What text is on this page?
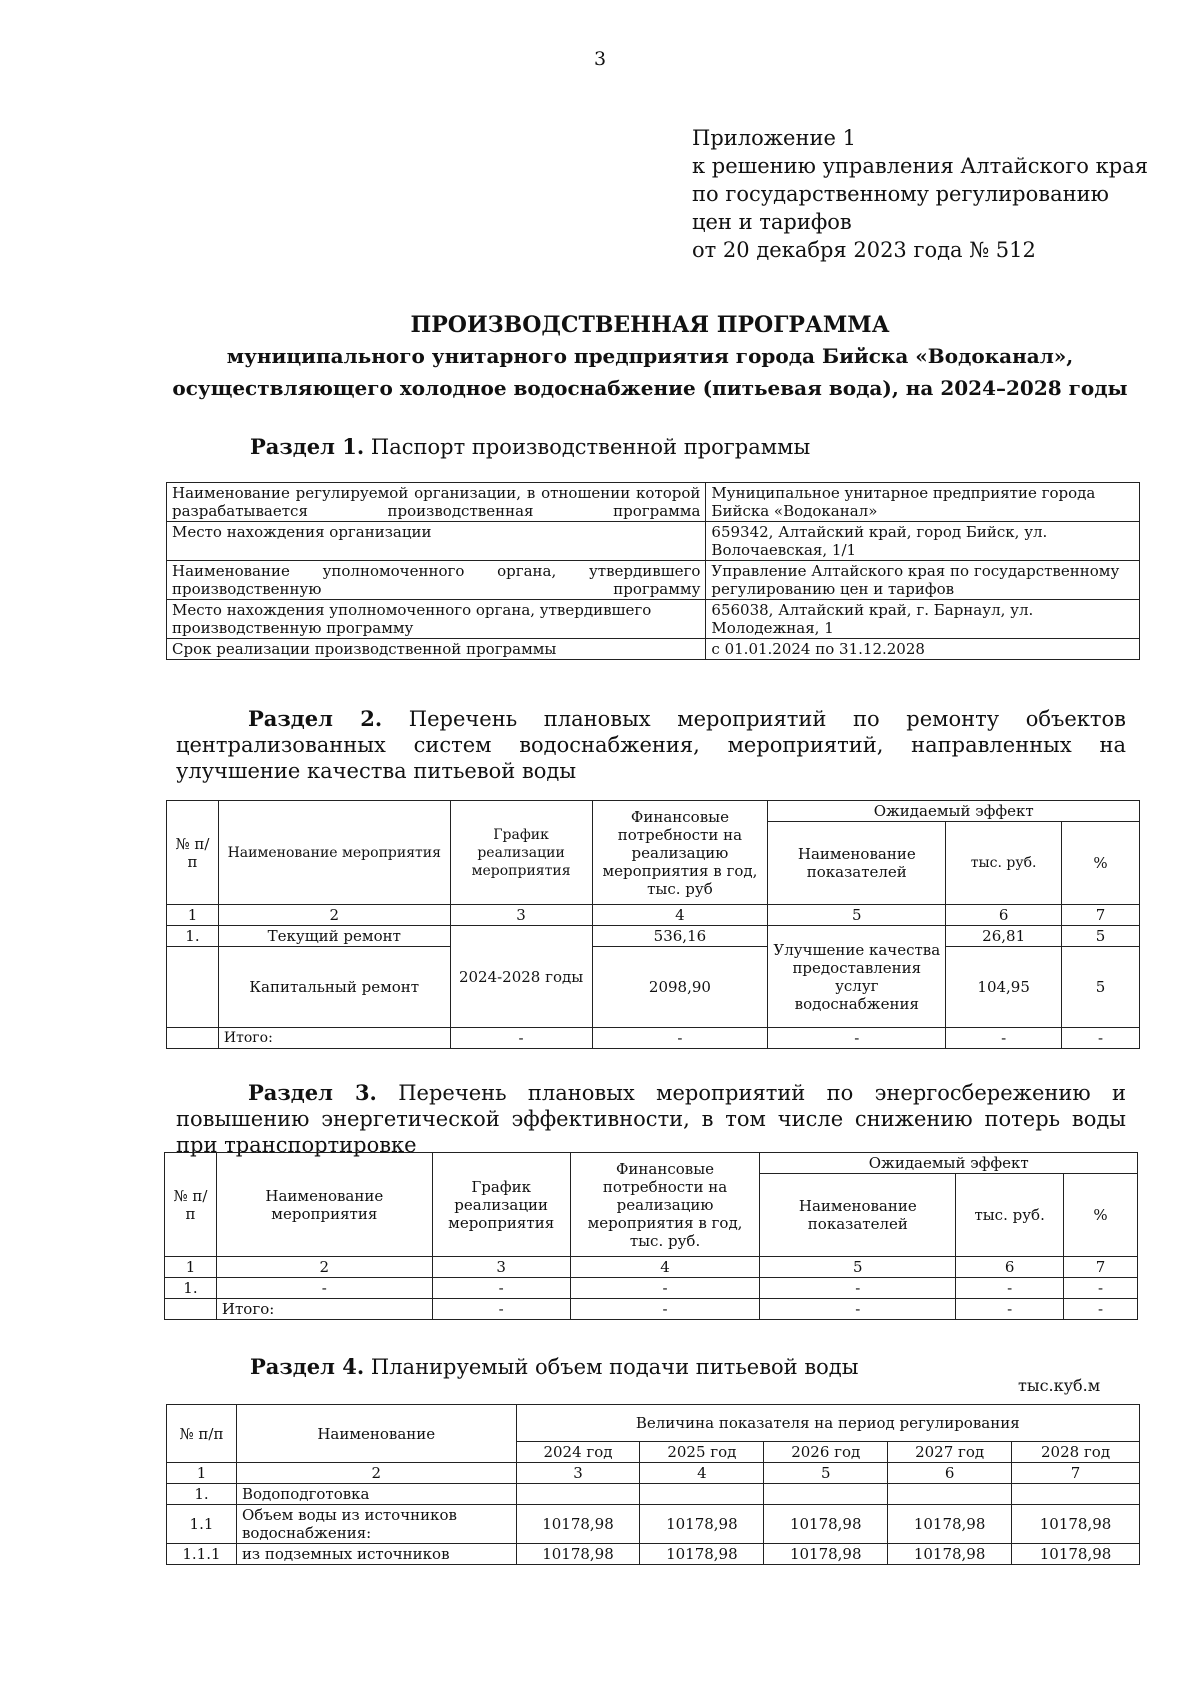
3
Приложение 1
к решению управления Алтайского края
по государственному регулированию
цен и тарифов
от 20 декабря 2023 года № 512
ПРОИЗВОДСТВЕННАЯ ПРОГРАММА
муниципального унитарного предприятия города Бийска «Водоканал»,
осуществляющего холодное водоснабжение (питьевая вода), на 2024–2028 годы
Раздел 1. Паспорт производственной программы
Наименование регулируемой организации, в отношении которой разрабатывается производственная программа	Муниципальное унитарное предприятие города Бийска «Водоканал»
Место нахождения организации	659342, Алтайский край, город Бийск, ул. Волочаевская, 1/1
Наименование уполномоченного органа, утвердившего производственную программу	Управление Алтайского края по государственному регулированию цен и тарифов
Место нахождения уполномоченного органа, утвердившего производственную программу	656038, Алтайский край, г. Барнаул, ул. Молодежная, 1
Срок реализации производственной программы	с 01.01.2024 по 31.12.2028
Раздел 2. Перечень плановых мероприятий по ремонту объектов централизованных систем водоснабжения, мероприятий, направленных на улучшение качества питьевой воды
№ п/п	Наименование мероприятия	График реализации мероприятия	Финансовые потребности на реализацию мероприятия в год, тыс. руб	Ожидаемый эффект		
				Наименование показателей	тыс. руб.	%
1	2	3	4	5	6	7
1.	Текущий ремонт	2024-2028 годы	536,16	Улучшение качества предоставления услуг водоснабжения	26,81	5
	Капитальный ремонт		2098,90		104,95	5
	Итого:	-	-	-	-	-
Раздел 3. Перечень плановых мероприятий по энергосбережению и повышению энергетической эффективности, в том числе снижению потерь воды при транспортировке
№ п/п	Наименование мероприятия	График реализации мероприятия	Финансовые потребности на реализацию мероприятия в год, тыс. руб.	Ожидаемый эффект		
				Наименование показателей	тыс. руб.	%
1	2	3	4	5	6	7
1.	-	-	-	-	-	-
	Итого:	-	-	-	-	-
Раздел 4. Планируемый объем подачи питьевой воды
тыс.куб.м
№ п/п	Наименование	Величина показателя на период регулирования				
		2024 год	2025 год	2026 год	2027 год	2028 год
1	2	3	4	5	6	7
1.	Водоподготовка					
1.1	Объем воды из источников водоснабжения:	10178,98	10178,98	10178,98	10178,98	10178,98
1.1.1	из подземных источников	10178,98	10178,98	10178,98	10178,98	10178,98
